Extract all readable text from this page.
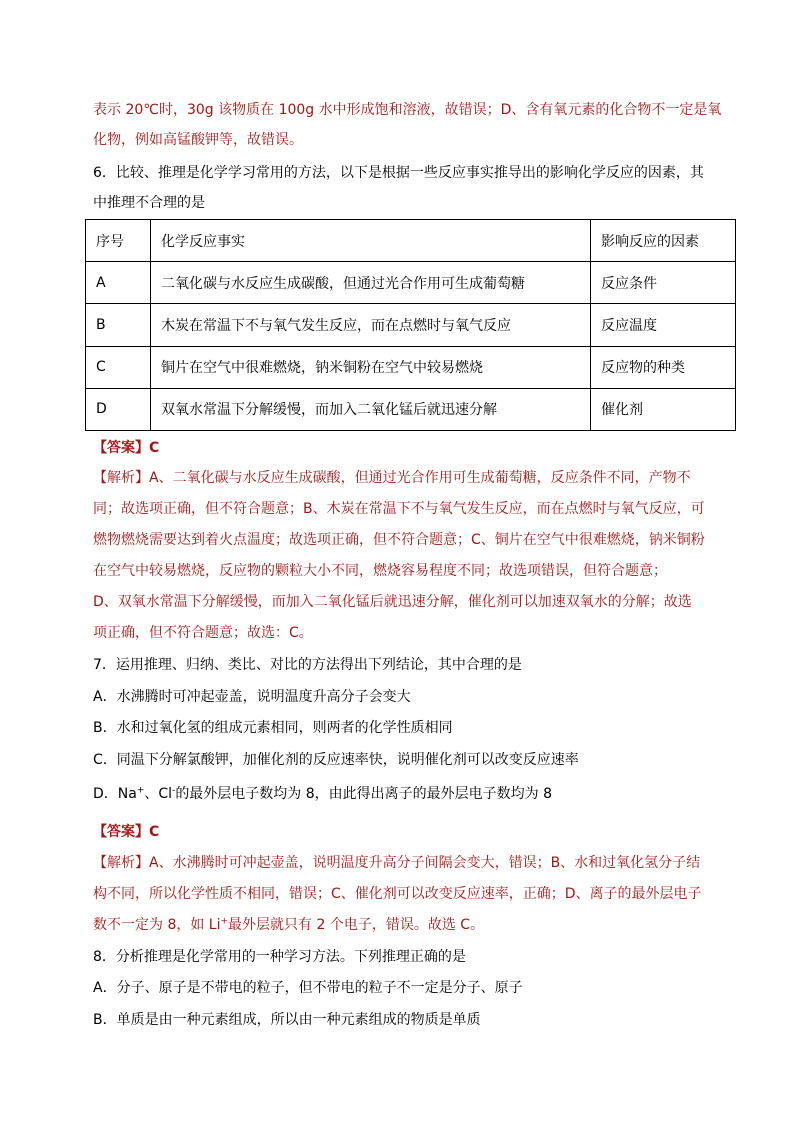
表示 20℃时，30g 该物质在 100g 水中形成饱和溶液，故错误；D、含有氧元素的化合物不一定是氧
化物，例如高锰酸钾等，故错误。
6．比较、推理是化学学习常用的方法，以下是根据一些反应事实推导出的影响化学反应的因素，其
中推理不合理的是
序号	化学反应事实	影响反应的因素
A	二氧化碳与水反应生成碳酸，但通过光合作用可生成葡萄糖	反应条件
B	木炭在常温下不与氧气发生反应，而在点燃时与氧气反应	反应温度
C	铜片在空气中很难燃烧，钠米铜粉在空气中较易燃烧	反应物的种类
D	双氧水常温下分解缓慢，而加入二氧化锰后就迅速分解	催化剂
【答案】C
【解析】A、二氧化碳与水反应生成碳酸，但通过光合作用可生成葡萄糖，反应条件不同，产物不
同；故选项正确，但不符合题意；B、木炭在常温下不与氧气发生反应，而在点燃时与氧气反应，可
燃物燃烧需要达到着火点温度；故选项正确，但不符合题意；C、铜片在空气中很难燃烧，钠米铜粉
在空气中较易燃烧，反应物的颗粒大小不同，燃烧容易程度不同；故选项错误，但符合题意；
D、双氧水常温下分解缓慢，而加入二氧化锰后就迅速分解，催化剂可以加速双氧水的分解；故选
项正确，但不符合题意；故选：C。
7．运用推理、归纳、类比、对比的方法得出下列结论，其中合理的是
A．水沸腾时可冲起壶盖，说明温度升高分子会变大
B．水和过氧化氢的组成元素相同，则两者的化学性质相同
C．同温下分解氯酸钾，加催化剂的反应速率快，说明催化剂可以改变反应速率
D．Na+、Cl-的最外层电子数均为 8，由此得出离子的最外层电子数均为 8
【答案】C
【解析】A、水沸腾时可冲起壶盖，说明温度升高分子间隔会变大，错误；B、水和过氧化氢分子结
构不同，所以化学性质不相同，错误；C、催化剂可以改变反应速率，正确；D、离子的最外层电子
数不一定为 8，如 Li+最外层就只有 2 个电子，错误。故选 C。
8．分析推理是化学常用的一种学习方法。下列推理正确的是
A．分子、原子是不带电的粒子，但不带电的粒子不一定是分子、原子
B．单质是由一种元素组成，所以由一种元素组成的物质是单质
